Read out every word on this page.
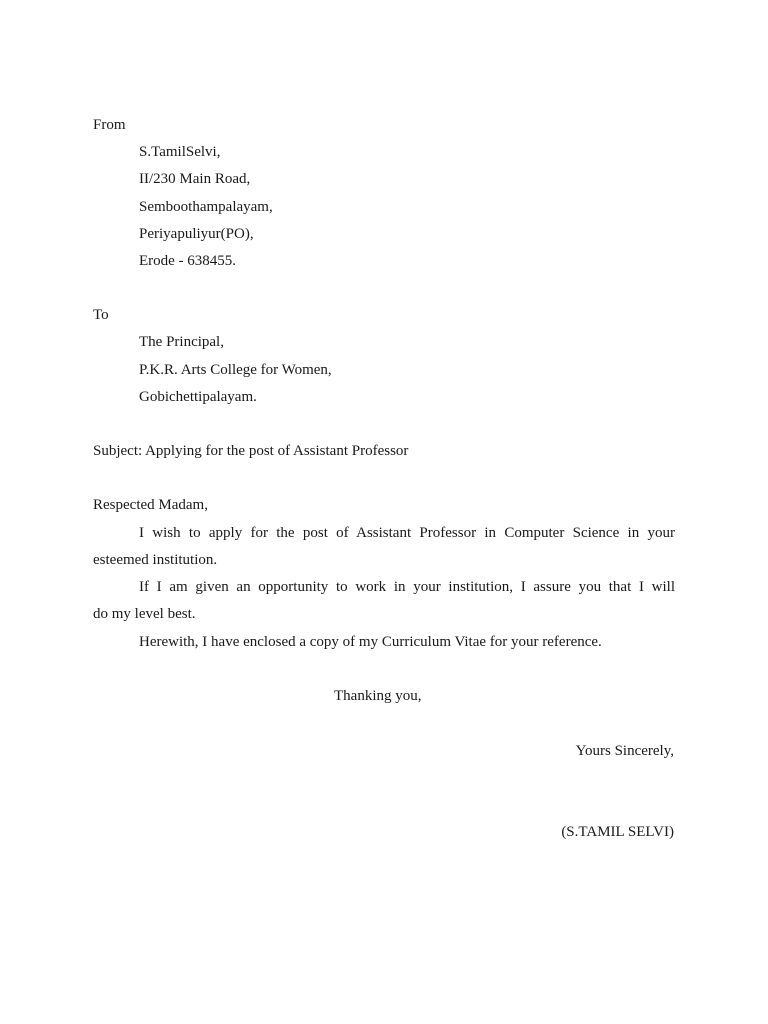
From
S.TamilSelvi,
II/230 Main Road,
Semboothampalayam,
Periyapuliyur(PO),
Erode - 638455.
To
The Principal,
P.K.R. Arts College for Women,
Gobichettipalayam.
Subject: Applying for the post of Assistant Professor
Respected Madam,
I wish to apply for the post of Assistant Professor in Computer Science in your
esteemed institution.
If I am given an opportunity to work in your institution, I assure you that I will
do my level best.
Herewith, I have enclosed a copy of my Curriculum Vitae for your reference.
Thanking you,
Yours Sincerely,
(S.TAMIL SELVI)
